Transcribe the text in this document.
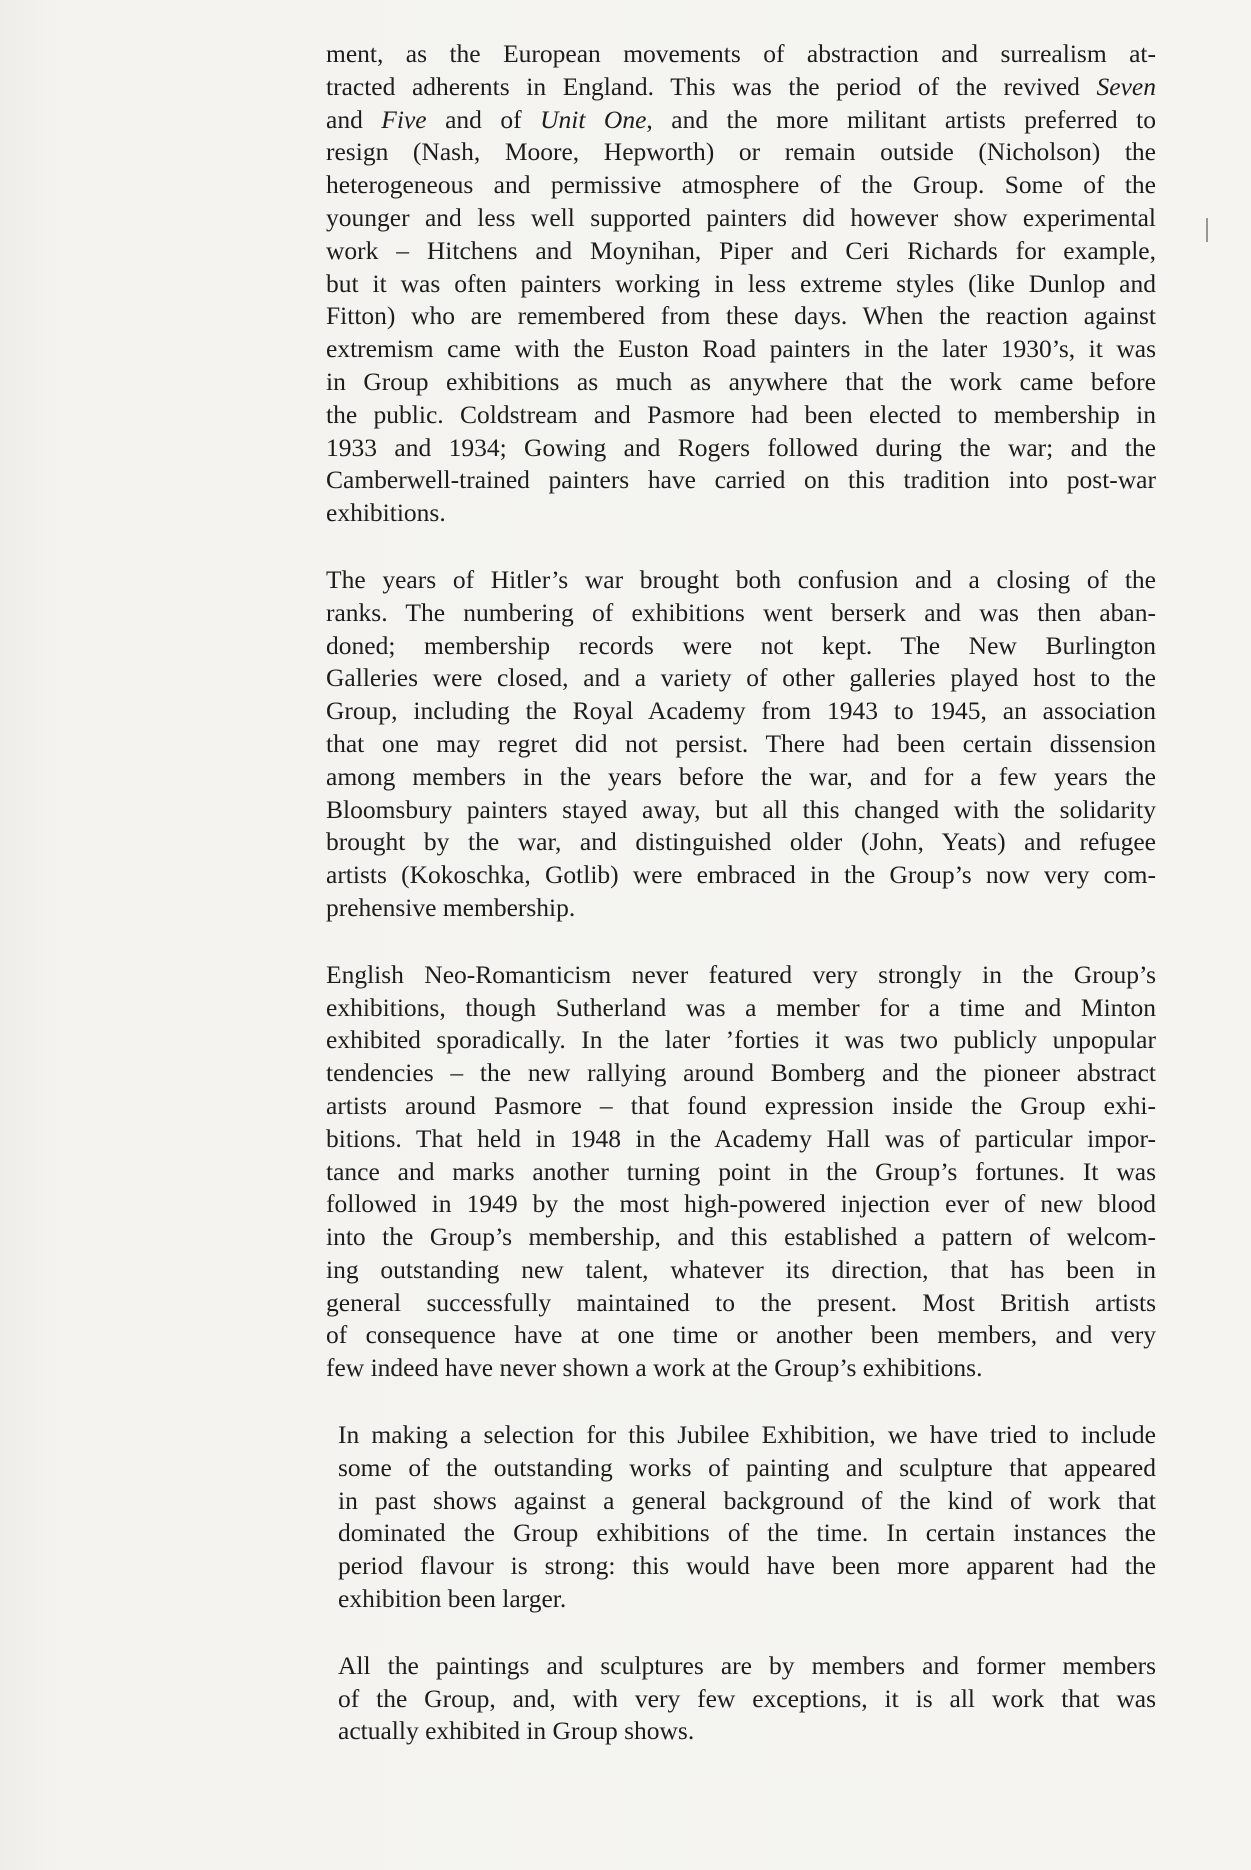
ment, as the European movements of abstraction and surrealism at-
tracted adherents in England. This was the period of the revived Seven
and Five and of Unit One, and the more militant artists preferred to
resign (Nash, Moore, Hepworth) or remain outside (Nicholson) the
heterogeneous and permissive atmosphere of the Group. Some of the
younger and less well supported painters did however show experimental
work – Hitchens and Moynihan, Piper and Ceri Richards for example,
but it was often painters working in less extreme styles (like Dunlop and
Fitton) who are remembered from these days. When the reaction against
extremism came with the Euston Road painters in the later 1930’s, it was
in Group exhibitions as much as anywhere that the work came before
the public. Coldstream and Pasmore had been elected to membership in
1933 and 1934; Gowing and Rogers followed during the war; and the
Camberwell-trained painters have carried on this tradition into post-war
exhibitions.
The years of Hitler’s war brought both confusion and a closing of the
ranks. The numbering of exhibitions went berserk and was then aban-
doned; membership records were not kept. The New Burlington
Galleries were closed, and a variety of other galleries played host to the
Group, including the Royal Academy from 1943 to 1945, an association
that one may regret did not persist. There had been certain dissension
among members in the years before the war, and for a few years the
Bloomsbury painters stayed away, but all this changed with the solidarity
brought by the war, and distinguished older (John, Yeats) and refugee
artists (Kokoschka, Gotlib) were embraced in the Group’s now very com-
prehensive membership.
English Neo-Romanticism never featured very strongly in the Group’s
exhibitions, though Sutherland was a member for a time and Minton
exhibited sporadically. In the later ’forties it was two publicly unpopular
tendencies – the new rallying around Bomberg and the pioneer abstract
artists around Pasmore – that found expression inside the Group exhi-
bitions. That held in 1948 in the Academy Hall was of particular impor-
tance and marks another turning point in the Group’s fortunes. It was
followed in 1949 by the most high-powered injection ever of new blood
into the Group’s membership, and this established a pattern of welcom-
ing outstanding new talent, whatever its direction, that has been in
general successfully maintained to the present. Most British artists
of consequence have at one time or another been members, and very
few indeed have never shown a work at the Group’s exhibitions.
In making a selection for this Jubilee Exhibition, we have tried to include
some of the outstanding works of painting and sculpture that appeared
in past shows against a general background of the kind of work that
dominated the Group exhibitions of the time. In certain instances the
period flavour is strong: this would have been more apparent had the
exhibition been larger.
All the paintings and sculptures are by members and former members
of the Group, and, with very few exceptions, it is all work that was
actually exhibited in Group shows.
